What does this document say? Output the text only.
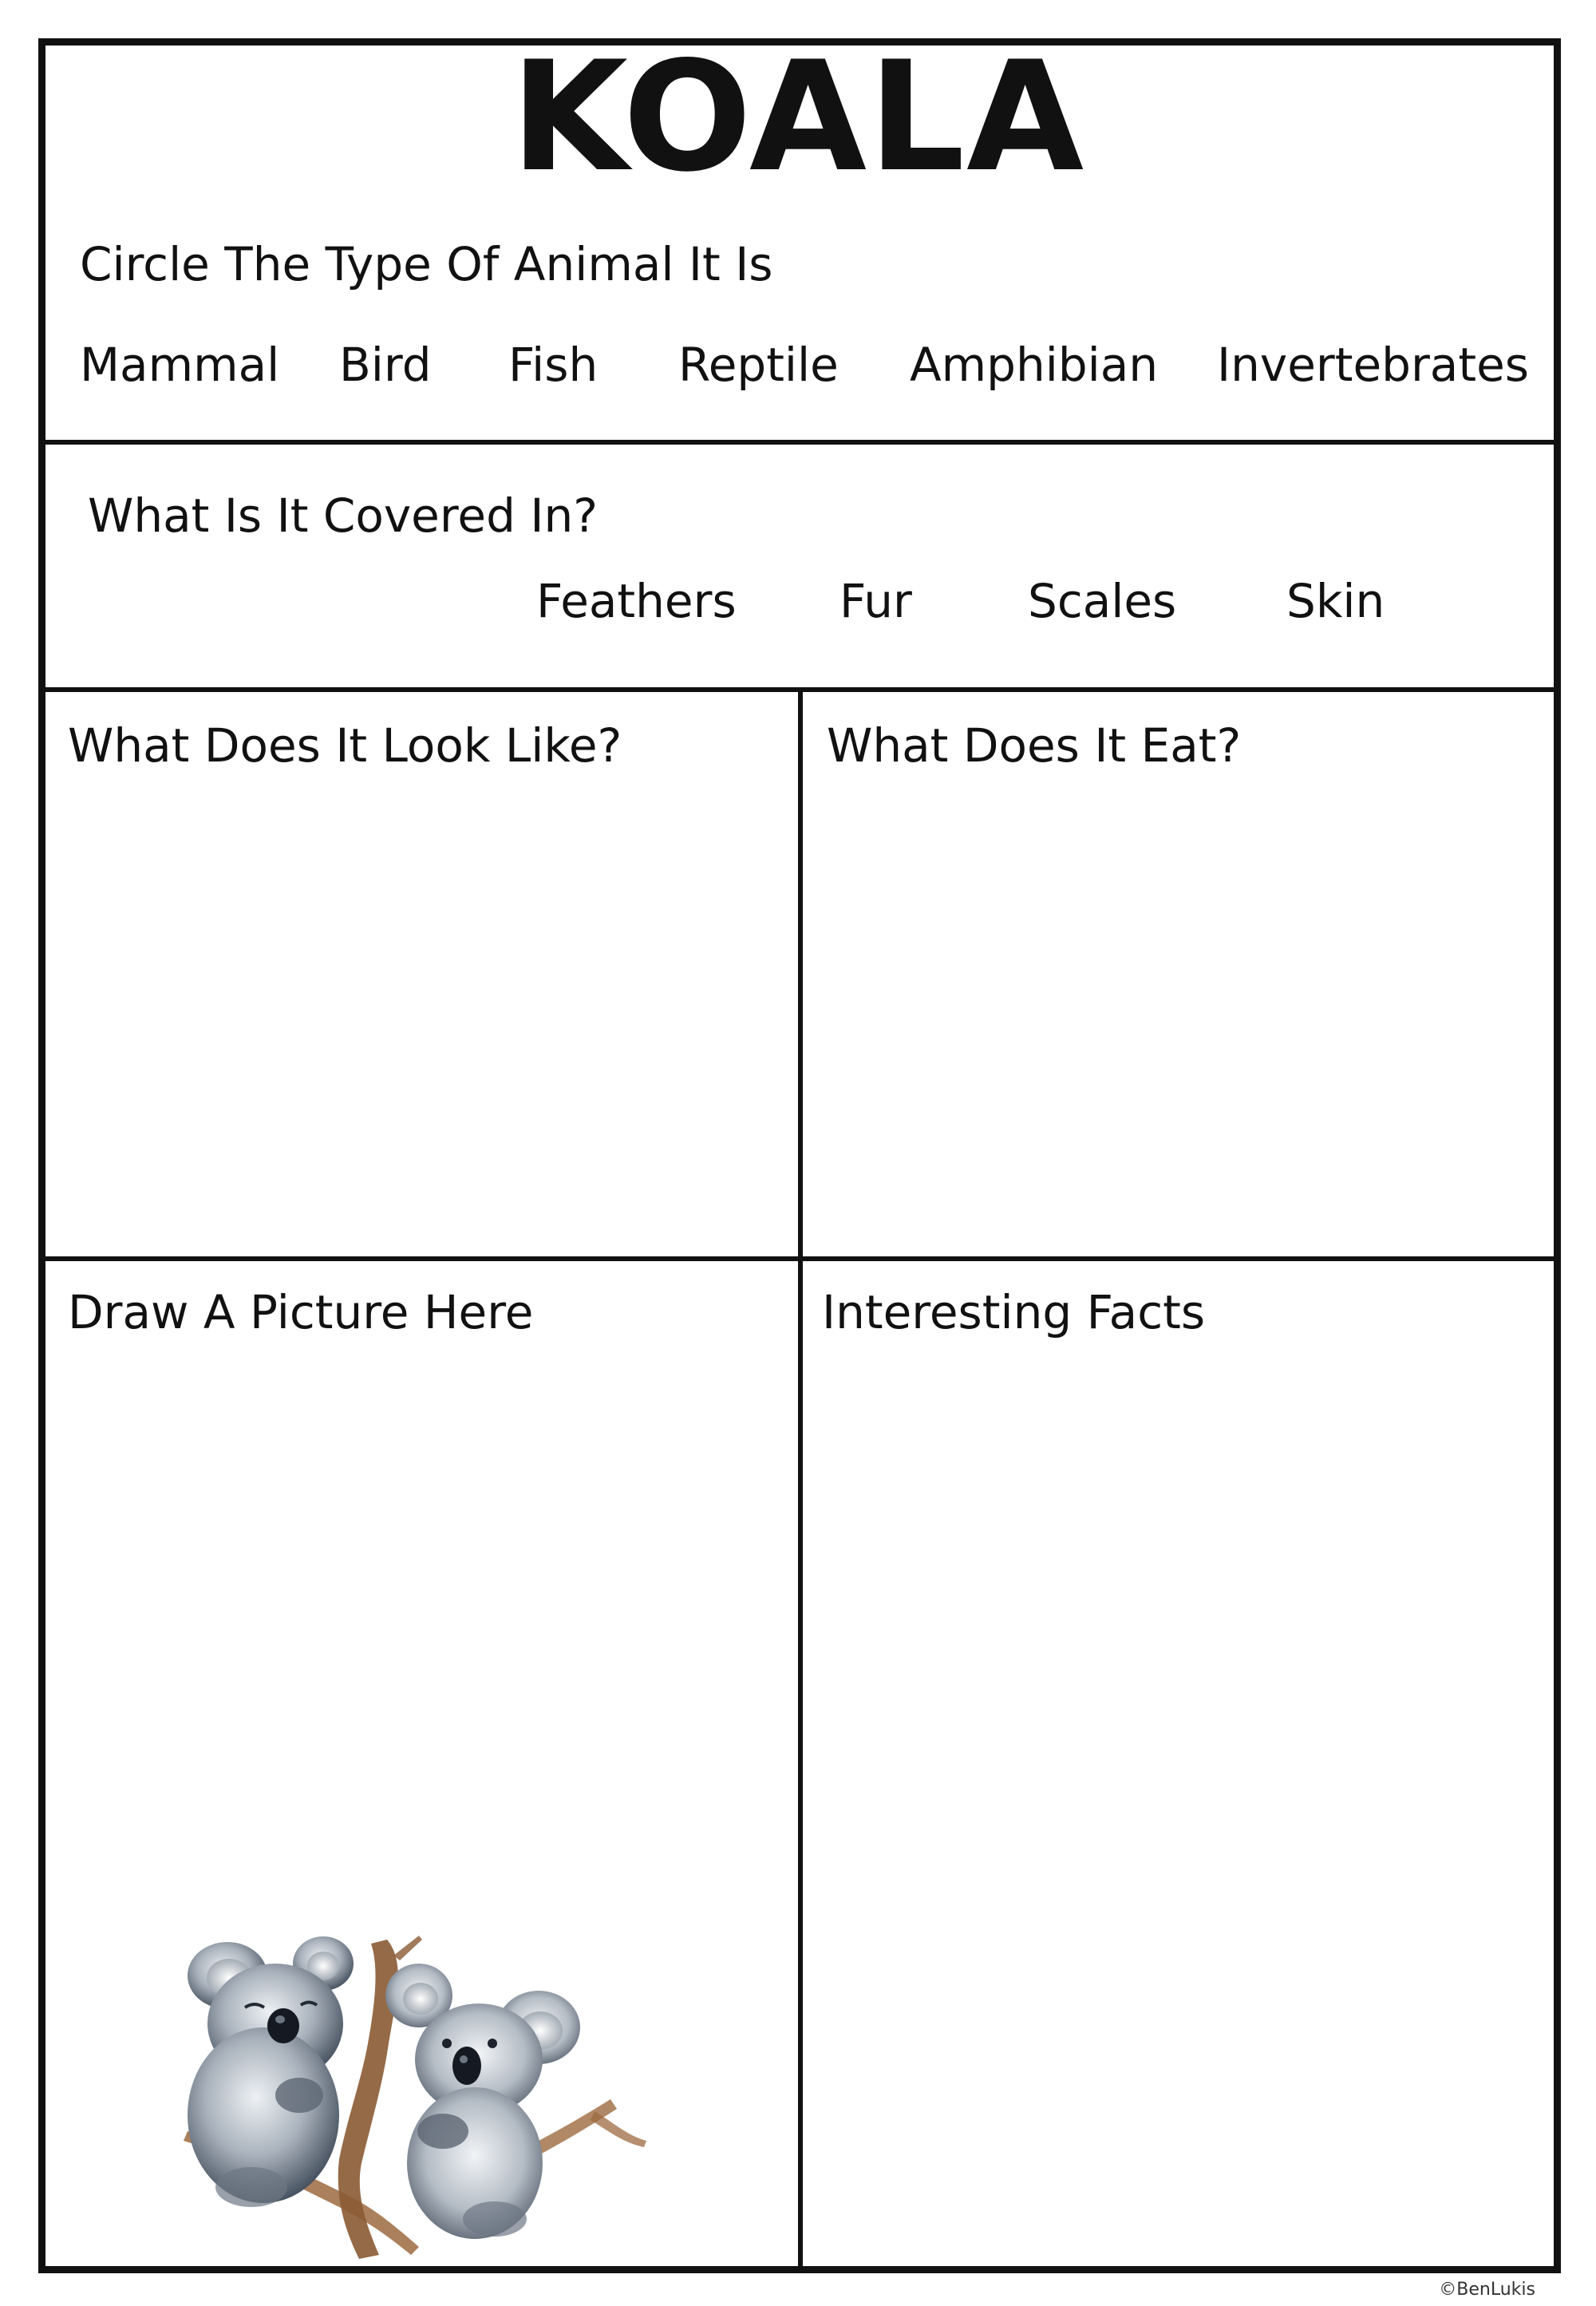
KOALA
Circle The Type Of Animal It Is
Mammal Bird Fish Reptile Amphibian Invertebrates
What Is It Covered In?
Feathers Fur	Scales Skin
What Does It Look Like?	What Does It Eat?
Draw A Picture Here	Interesting Facts
©BenLukis
